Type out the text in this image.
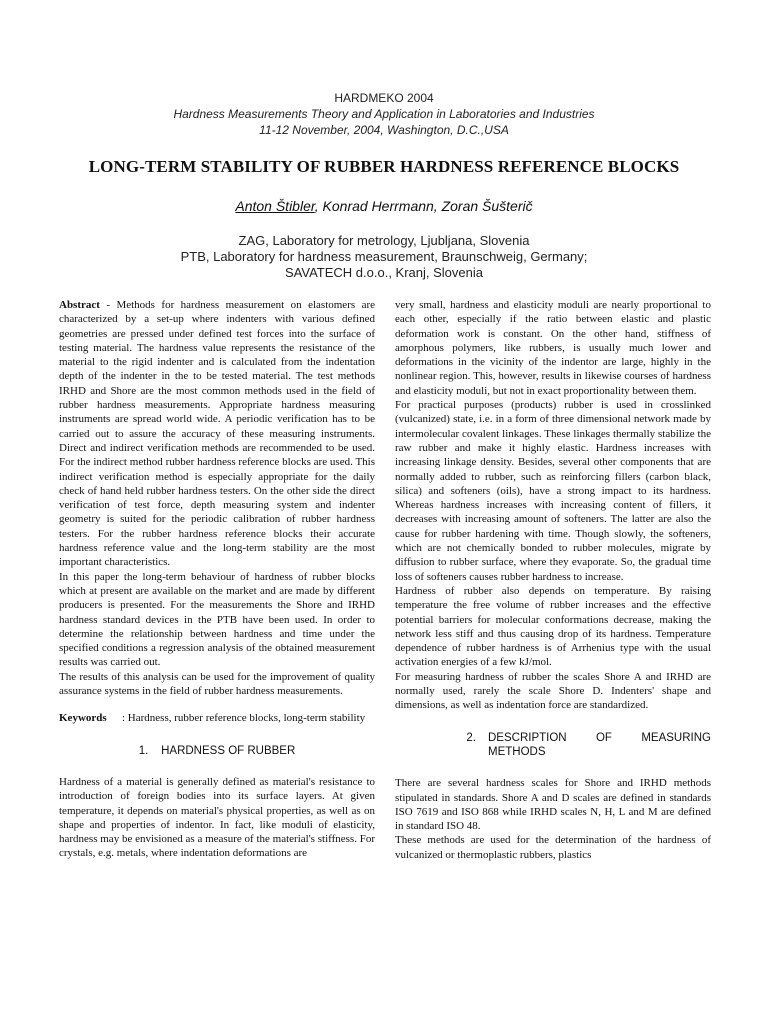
HARDMEKO 2004
Hardness Measurements Theory and Application in Laboratories and Industries
11-12 November, 2004, Washington, D.C.,USA
LONG-TERM STABILITY OF RUBBER HARDNESS REFERENCE BLOCKS
Anton Štibler, Konrad Herrmann, Zoran Šušterič
ZAG, Laboratory for metrology, Ljubljana, Slovenia
PTB, Laboratory for hardness measurement, Braunschweig, Germany;
SAVATECH d.o.o., Kranj, Slovenia

Abstract - Methods for hardness measurement on elastomers are characterized by a set-up where indenters with various defined geometries are pressed under defined test forces into the surface of testing material. The hardness value represents the resistance of the material to the rigid indenter and is calculated from the indentation depth of the indenter in the to be tested material. The test methods IRHD and Shore are the most common methods used in the field of rubber hardness measurements. Appropriate hardness measuring instruments are spread world wide. A periodic verification has to be carried out to assure the accuracy of these measuring instruments. Direct and indirect verification methods are recommended to be used. For the indirect method rubber hardness reference blocks are used. This indirect verification method is especially appropriate for the daily check of hand held rubber hardness testers. On the other side the direct verification of test force, depth measuring system and indenter geometry is suited for the periodic calibration of rubber hardness testers. For the rubber hardness reference blocks their accurate hardness reference value and the long-term stability are the most important characteristics.

In this paper the long-term behaviour of hardness of rubber blocks which at present are available on the market and are made by different producers is presented. For the measurements the Shore and IRHD hardness standard devices in the PTB have been used. In order to determine the relationship between hardness and time under the specified conditions a regression analysis of the obtained measurement results was carried out.

The results of this analysis can be used for the improvement of quality assurance systems in the field of rubber hardness measurements.

Keywords	: Hardness, rubber reference blocks, long-term stability
1. HARDNESS OF RUBBER

Hardness of a material is generally defined as material's resistance to introduction of foreign bodies into its surface layers. At given temperature, it depends on material's physical properties, as well as on shape and properties of indentor. In fact, like moduli of elasticity, hardness may be envisioned as a measure of the material's stiffness. For crystals, e.g. metals, where indentation deformations are

very small, hardness and elasticity moduli are nearly proportional to each other, especially if the ratio between elastic and plastic deformation work is constant. On the other hand, stiffness of amorphous polymers, like rubbers, is usually much lower and deformations in the vicinity of the indentor are large, highly in the nonlinear region. This, however, results in likewise courses of hardness and elasticity moduli, but not in exact proportionality between them.

For practical purposes (products) rubber is used in crosslinked (vulcanized) state, i.e. in a form of three dimensional network made by intermolecular covalent linkages. These linkages thermally stabilize the raw rubber and make it highly elastic. Hardness increases with increasing linkage density. Besides, several other components that are normally added to rubber, such as reinforcing fillers (carbon black, silica) and softeners (oils), have a strong impact to its hardness. Whereas hardness increases with increasing content of fillers, it decreases with increasing amount of softeners. The latter are also the cause for rubber hardening with time. Though slowly, the softeners, which are not chemically bonded to rubber molecules, migrate by diffusion to rubber surface, where they evaporate. So, the gradual time loss of softeners causes rubber hardness to increase.

Hardness of rubber also depends on temperature. By raising temperature the free volume of rubber increases and the effective potential barriers for molecular conformations decrease, making the network less stiff and thus causing drop of its hardness. Temperature dependence of rubber hardness is of Arrhenius type with the usual activation energies of a few kJ/mol.

For measuring hardness of rubber the scales Shore A and IRHD are normally used, rarely the scale Shore D. Indenters' shape and dimensions, as well as indentation force are standardized.

2.	DESCRIPTION OF MEASURING
METHODS

There are several hardness scales for Shore and IRHD methods stipulated in standards. Shore A and D scales are defined in standards ISO 7619 and ISO 868 while IRHD scales N, H, L and M are defined in standard ISO 48.

These methods are used for the determination of the hardness of vulcanized or thermoplastic rubbers, plastics
